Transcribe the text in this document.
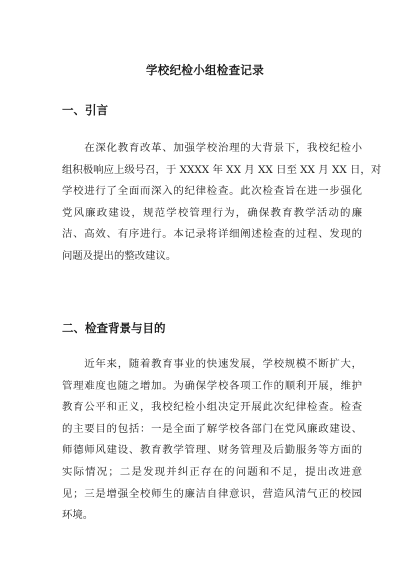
学校纪检小组检查记录
一、引言
　　在深化教育改革、加强学校治理的大背景下，我校纪检小
组积极响应上级号召，于 XXXX 年 XX 月 XX 日至 XX 月 XX 日，对
学校进行了全面而深入的纪律检查。此次检查旨在进一步强化
党风廉政建设，规范学校管理行为，确保教育教学活动的廉
洁、高效、有序进行。本记录将详细阐述检查的过程、发现的
问题及提出的整改建议。
二、检查背景与目的
　　近年来，随着教育事业的快速发展，学校规模不断扩大，
管理难度也随之增加。为确保学校各项工作的顺利开展，维护
教育公平和正义，我校纪检小组决定开展此次纪律检查。检查
的主要目的包括：一是全面了解学校各部门在党风廉政建设、
师德师风建设、教育教学管理、财务管理及后勤服务等方面的
实际情况；二是发现并纠正存在的问题和不足，提出改进意
见；三是增强全校师生的廉洁自律意识，营造风清气正的校园
环境。
